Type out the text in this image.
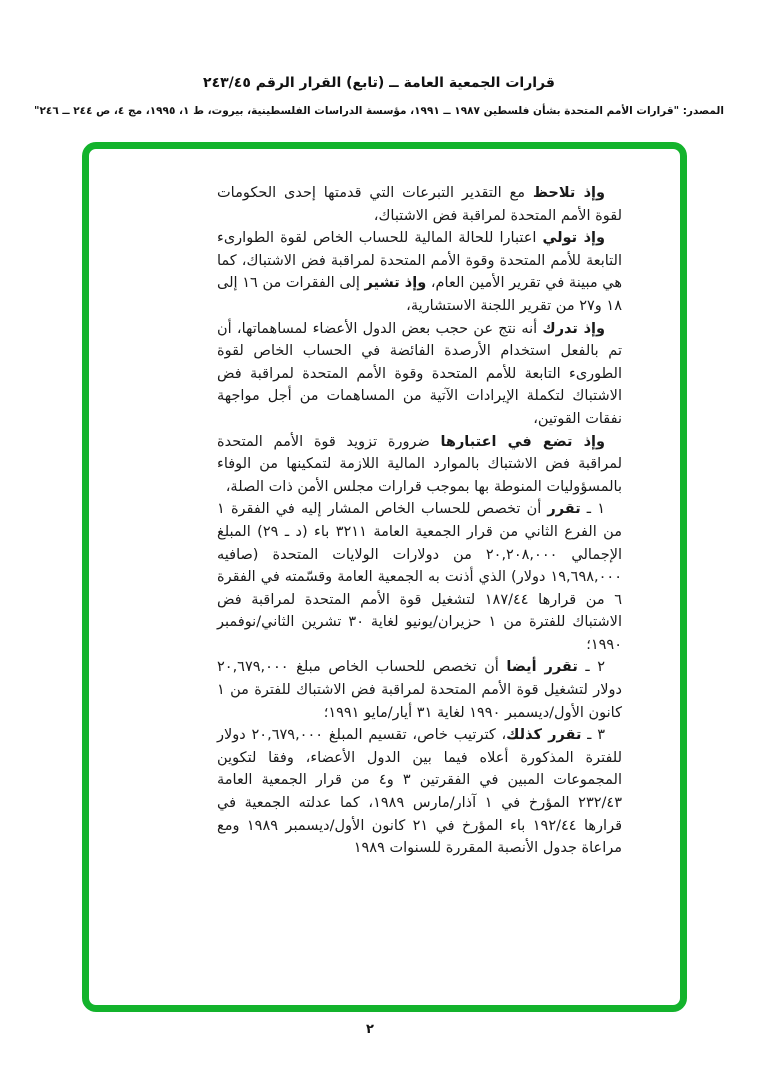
قرارات الجمعية العامة ــ (تابع) القرار الرقم ٢٤٣/٤٥
المصدر: "قرارات الأمم المتحدة بشأن فلسطين ١٩٨٧ ــ ١٩٩١، مؤسسة الدراسات الفلسطينية، بيروت، ط ١، ١٩٩٥، مج ٤، ص ٢٤٤ ــ ٢٤٦"

وإذ تلاحظ مع التقدير التبرعات التي قدمتها إحدى الحكومات لقوة الأمم المتحدة لمراقبة فض الاشتباك،

وإذ تولي اعتبارا للحالة المالية للحساب الخاص لقوة الطوارىء التابعة للأمم المتحدة وقوة الأمم المتحدة لمراقبة فض الاشتباك، كما هي مبينة في تقرير الأمين العام، وإذ تشير إلى الفقرات من ١٦ إلى ١٨ و٢٧ من تقرير اللجنة الاستشارية،

وإذ تدرك أنه نتج عن حجب بعض الدول الأعضاء لمساهماتها، أن تم بالفعل استخدام الأرصدة الفائضة في الحساب الخاص لقوة الطورىء التابعة للأمم المتحدة وقوة الأمم المتحدة لمراقبة فض الاشتباك لتكملة الإيرادات الآتية من المساهمات من أجل مواجهة نفقات القوتين،

وإذ تضع في اعتبارها ضرورة تزويد قوة الأمم المتحدة لمراقبة فض الاشتباك بالموارد المالية اللازمة لتمكينها من الوفاء بالمسؤوليات المنوطة بها بموجب قرارات مجلس الأمن ذات الصلة،

١ ـ تقرر أن تخصص للحساب الخاص المشار إليه في الفقرة ١ من الفرع الثاني من قرار الجمعية العامة ٣٢١١ باء (د ـ ٢٩) المبلغ الإجمالي ٢٠,٢٠٨,٠٠٠ من دولارات الولايات المتحدة (صافيه ١٩,٦٩٨,٠٠٠ دولار) الذي أذنت به الجمعية العامة وقسّمته في الفقرة ٦ من قرارها ١٨٧/٤٤ لتشغيل قوة الأمم المتحدة لمراقبة فض الاشتباك للفترة من ١ حزيران/يونيو لغاية ٣٠ تشرين الثاني/نوفمبر ١٩٩٠؛

٢ ـ تقرر أيضا أن تخصص للحساب الخاص مبلغ ٢٠,٦٧٩,٠٠٠ دولار لتشغيل قوة الأمم المتحدة لمراقبة فض الاشتباك للفترة من ١ كانون الأول/ديسمبر ١٩٩٠ لغاية ٣١ أيار/مايو ١٩٩١؛

٣ ـ تقرر كذلك، كترتيب خاص، تقسيم المبلغ ٢٠,٦٧٩,٠٠٠ دولار للفترة المذكورة أعلاه فيما بين الدول الأعضاء، وفقا لتكوين المجموعات المبين في الفقرتين ٣ و٤ من قرار الجمعية العامة ٢٣٢/٤٣ المؤرخ في ١ آذار/مارس ١٩٨٩، كما عدلته الجمعية في قرارها ١٩٢/٤٤ باء المؤرخ في ٢١ كانون الأول/ديسمبر ١٩٨٩ ومع مراعاة جدول الأنصبة المقررة للسنوات ١٩٨٩

٢
